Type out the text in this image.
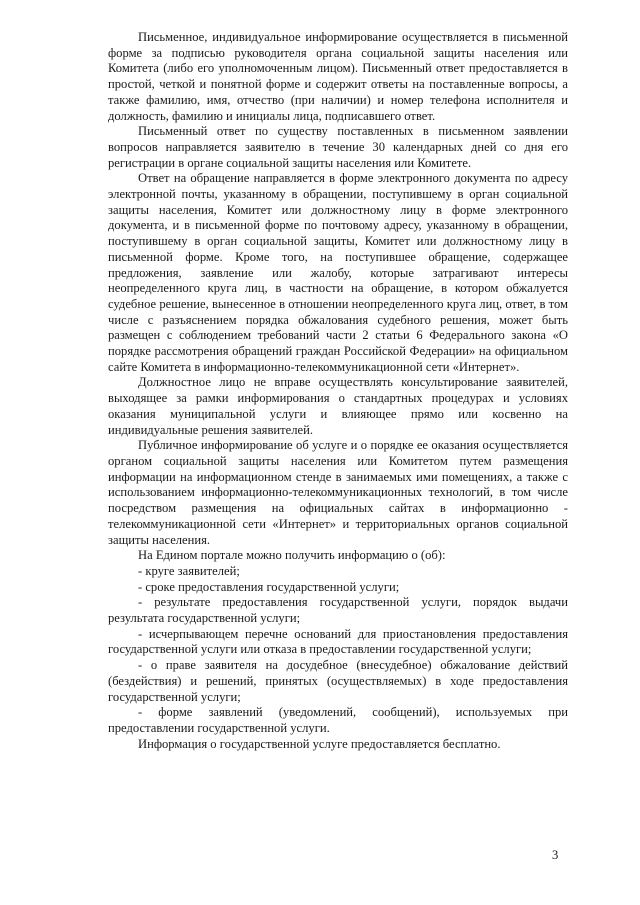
Письменное, индивидуальное информирование осуществляется в письменной форме за подписью руководителя органа социальной защиты населения или Комитета (либо его уполномоченным лицом). Письменный ответ предоставляется в простой, четкой и понятной форме и содержит ответы на поставленные вопросы, а также фамилию, имя, отчество (при наличии) и номер телефона исполнителя и должность, фамилию и инициалы лица, подписавшего ответ.

Письменный ответ по существу поставленных в письменном заявлении вопросов направляется заявителю в течение 30 календарных дней со дня его регистрации в органе социальной защиты населения или Комитете.

Ответ на обращение направляется в форме электронного документа по адресу электронной почты, указанному в обращении, поступившему в орган социальной защиты населения, Комитет или должностному лицу в форме электронного документа, и в письменной форме по почтовому адресу, указанному в обращении, поступившему в орган социальной защиты, Комитет или должностному лицу в письменной форме. Кроме того, на поступившее обращение, содержащее предложения, заявление или жалобу, которые затрагивают интересы неопределенного круга лиц, в частности на обращение, в котором обжалуется судебное решение, вынесенное в отношении неопределенного круга лиц, ответ, в том числе с разъяснением порядка обжалования судебного решения, может быть размещен с соблюдением требований части 2 статьи 6 Федерального закона «О порядке рассмотрения обращений граждан Российской Федерации» на официальном сайте Комитета в информационно-телекоммуникационной сети «Интернет».

Должностное лицо не вправе осуществлять консультирование заявителей, выходящее за рамки информирования о стандартных процедурах и условиях оказания муниципальной услуги и влияющее прямо или косвенно на индивидуальные решения заявителей.

Публичное информирование об услуге и о порядке ее оказания осуществляется органом социальной защиты населения или Комитетом путем размещения информации на информационном стенде в занимаемых ими помещениях, а также с использованием информационно-телекоммуникационных технологий, в том числе посредством размещения на официальных сайтах в информационно - телекоммуникационной сети «Интернет» и территориальных органов социальной защиты населения.

На Едином портале можно получить информацию о (об):

- круге заявителей;

- сроке предоставления государственной услуги;

- результате предоставления государственной услуги, порядок выдачи результата государственной услуги;

- исчерпывающем перечне оснований для приостановления предоставления государственной услуги или отказа в предоставлении государственной услуги;

- о праве заявителя на досудебное (внесудебное) обжалование действий (бездействия) и решений, принятых (осуществляемых) в ходе предоставления государственной услуги;

- форме заявлений (уведомлений, сообщений), используемых при предоставлении государственной услуги.

Информация о государственной услуге предоставляется бесплатно.

3
